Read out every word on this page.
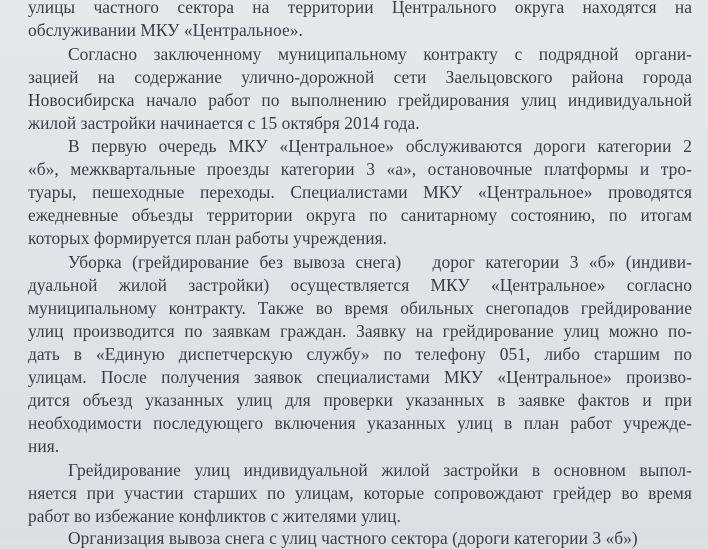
улицы частного сектора на территории Центрального округа находятся на
обслуживании МКУ «Центральное».
Согласно заключенному муниципальному контракту с подрядной органи-
зацией на содержание улично-дорожной сети Заельцовского района города
Новосибирска начало работ по выполнению грейдирования улиц индивидуальной
жилой застройки начинается с 15 октября 2014 года.
В первую очередь МКУ «Центральное» обслуживаются дороги категории 2
«б», межквартальные проезды категории 3 «а», остановочные платформы и тро-
туары, пешеходные переходы. Специалистами МКУ «Центральное» проводятся
ежедневные объезды территории округа по санитарному состоянию, по итогам
которых формируется план работы учреждения.
Уборка (грейдирование без вывоза снега)   дорог категории 3 «б» (индиви-
дуальной жилой застройки) осуществляется МКУ «Центральное» согласно
муниципальному контракту. Также во время обильных снегопадов грейдирование
улиц производится по заявкам граждан. Заявку на грейдирование улиц можно по-
дать в «Единую диспетчерскую службу» по телефону 051, либо старшим по
улицам. После получения заявок специалистами МКУ «Центральное» произво-
дится объезд указанных улиц для проверки указанных в заявке фактов и при
необходимости последующего включения указанных улиц в план работ учрежде-
ния.
Грейдирование улиц индивидуальной жилой застройки в основном выпол-
няется при участии старших по улицам, которые сопровождают грейдер во время
работ во избежание конфликтов с жителями улиц.
Организация вывоза снега с улиц частного сектора (дороги категории 3 «б»)
